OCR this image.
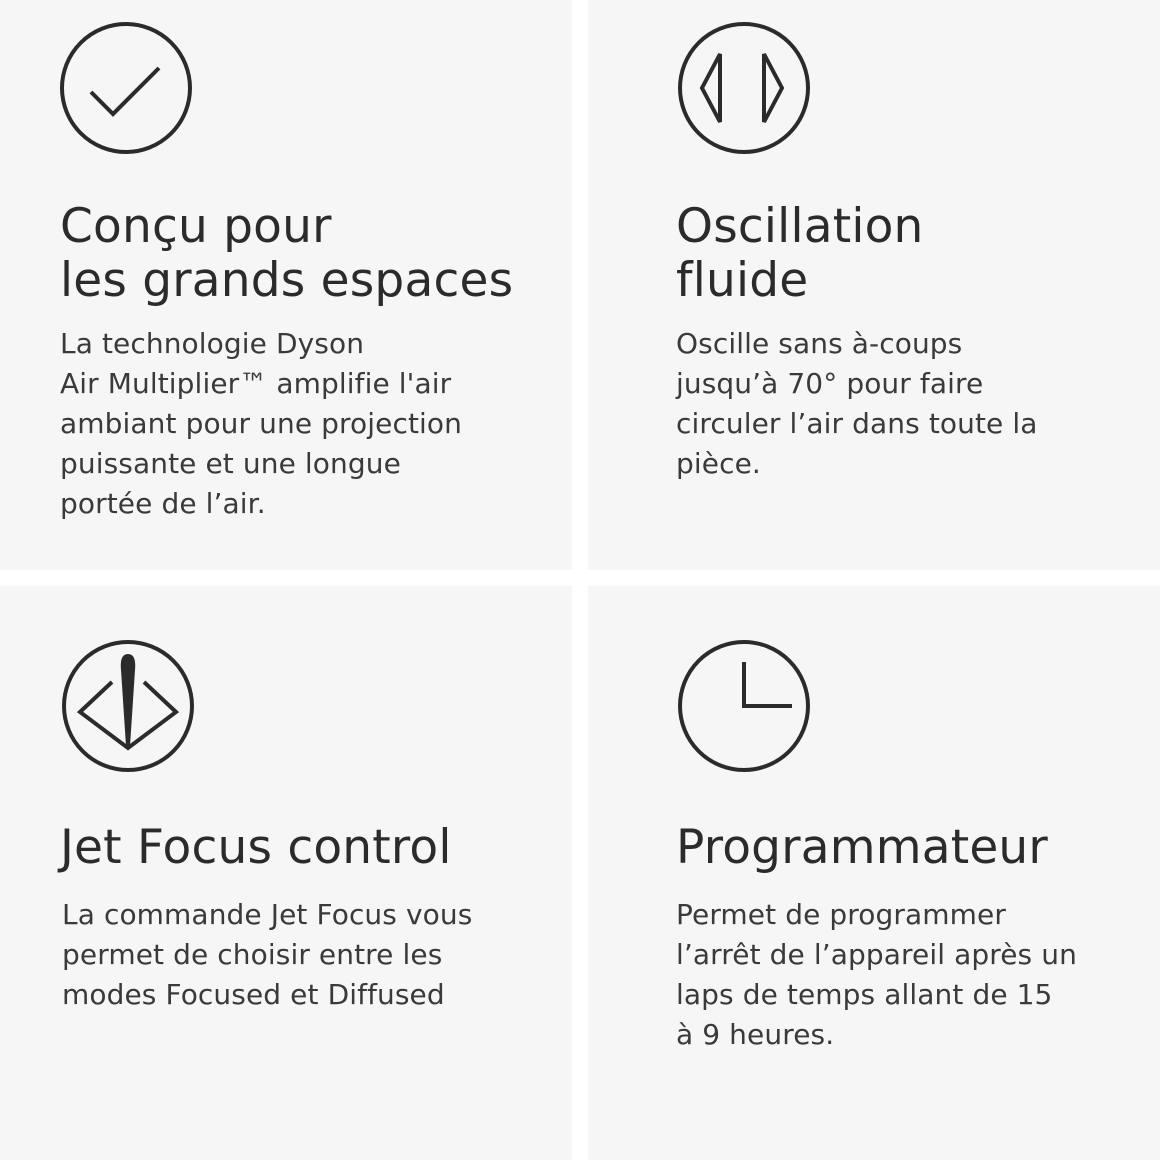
Conçu pour
les grands espaces

La technologie Dyson
Air Multiplier™ amplifie l'air
ambiant pour une projection
puissante et une longue
portée de l’air.

Oscillation
fluide

Oscille sans à-coups
jusqu’à 70° pour faire
circuler l’air dans toute la
pièce.

Jet Focus control

La commande Jet Focus vous
permet de choisir entre les
modes Focused et Diffused

Programmateur

Permet de programmer
l’arrêt de l’appareil après un
laps de temps allant de 15
à 9 heures.
